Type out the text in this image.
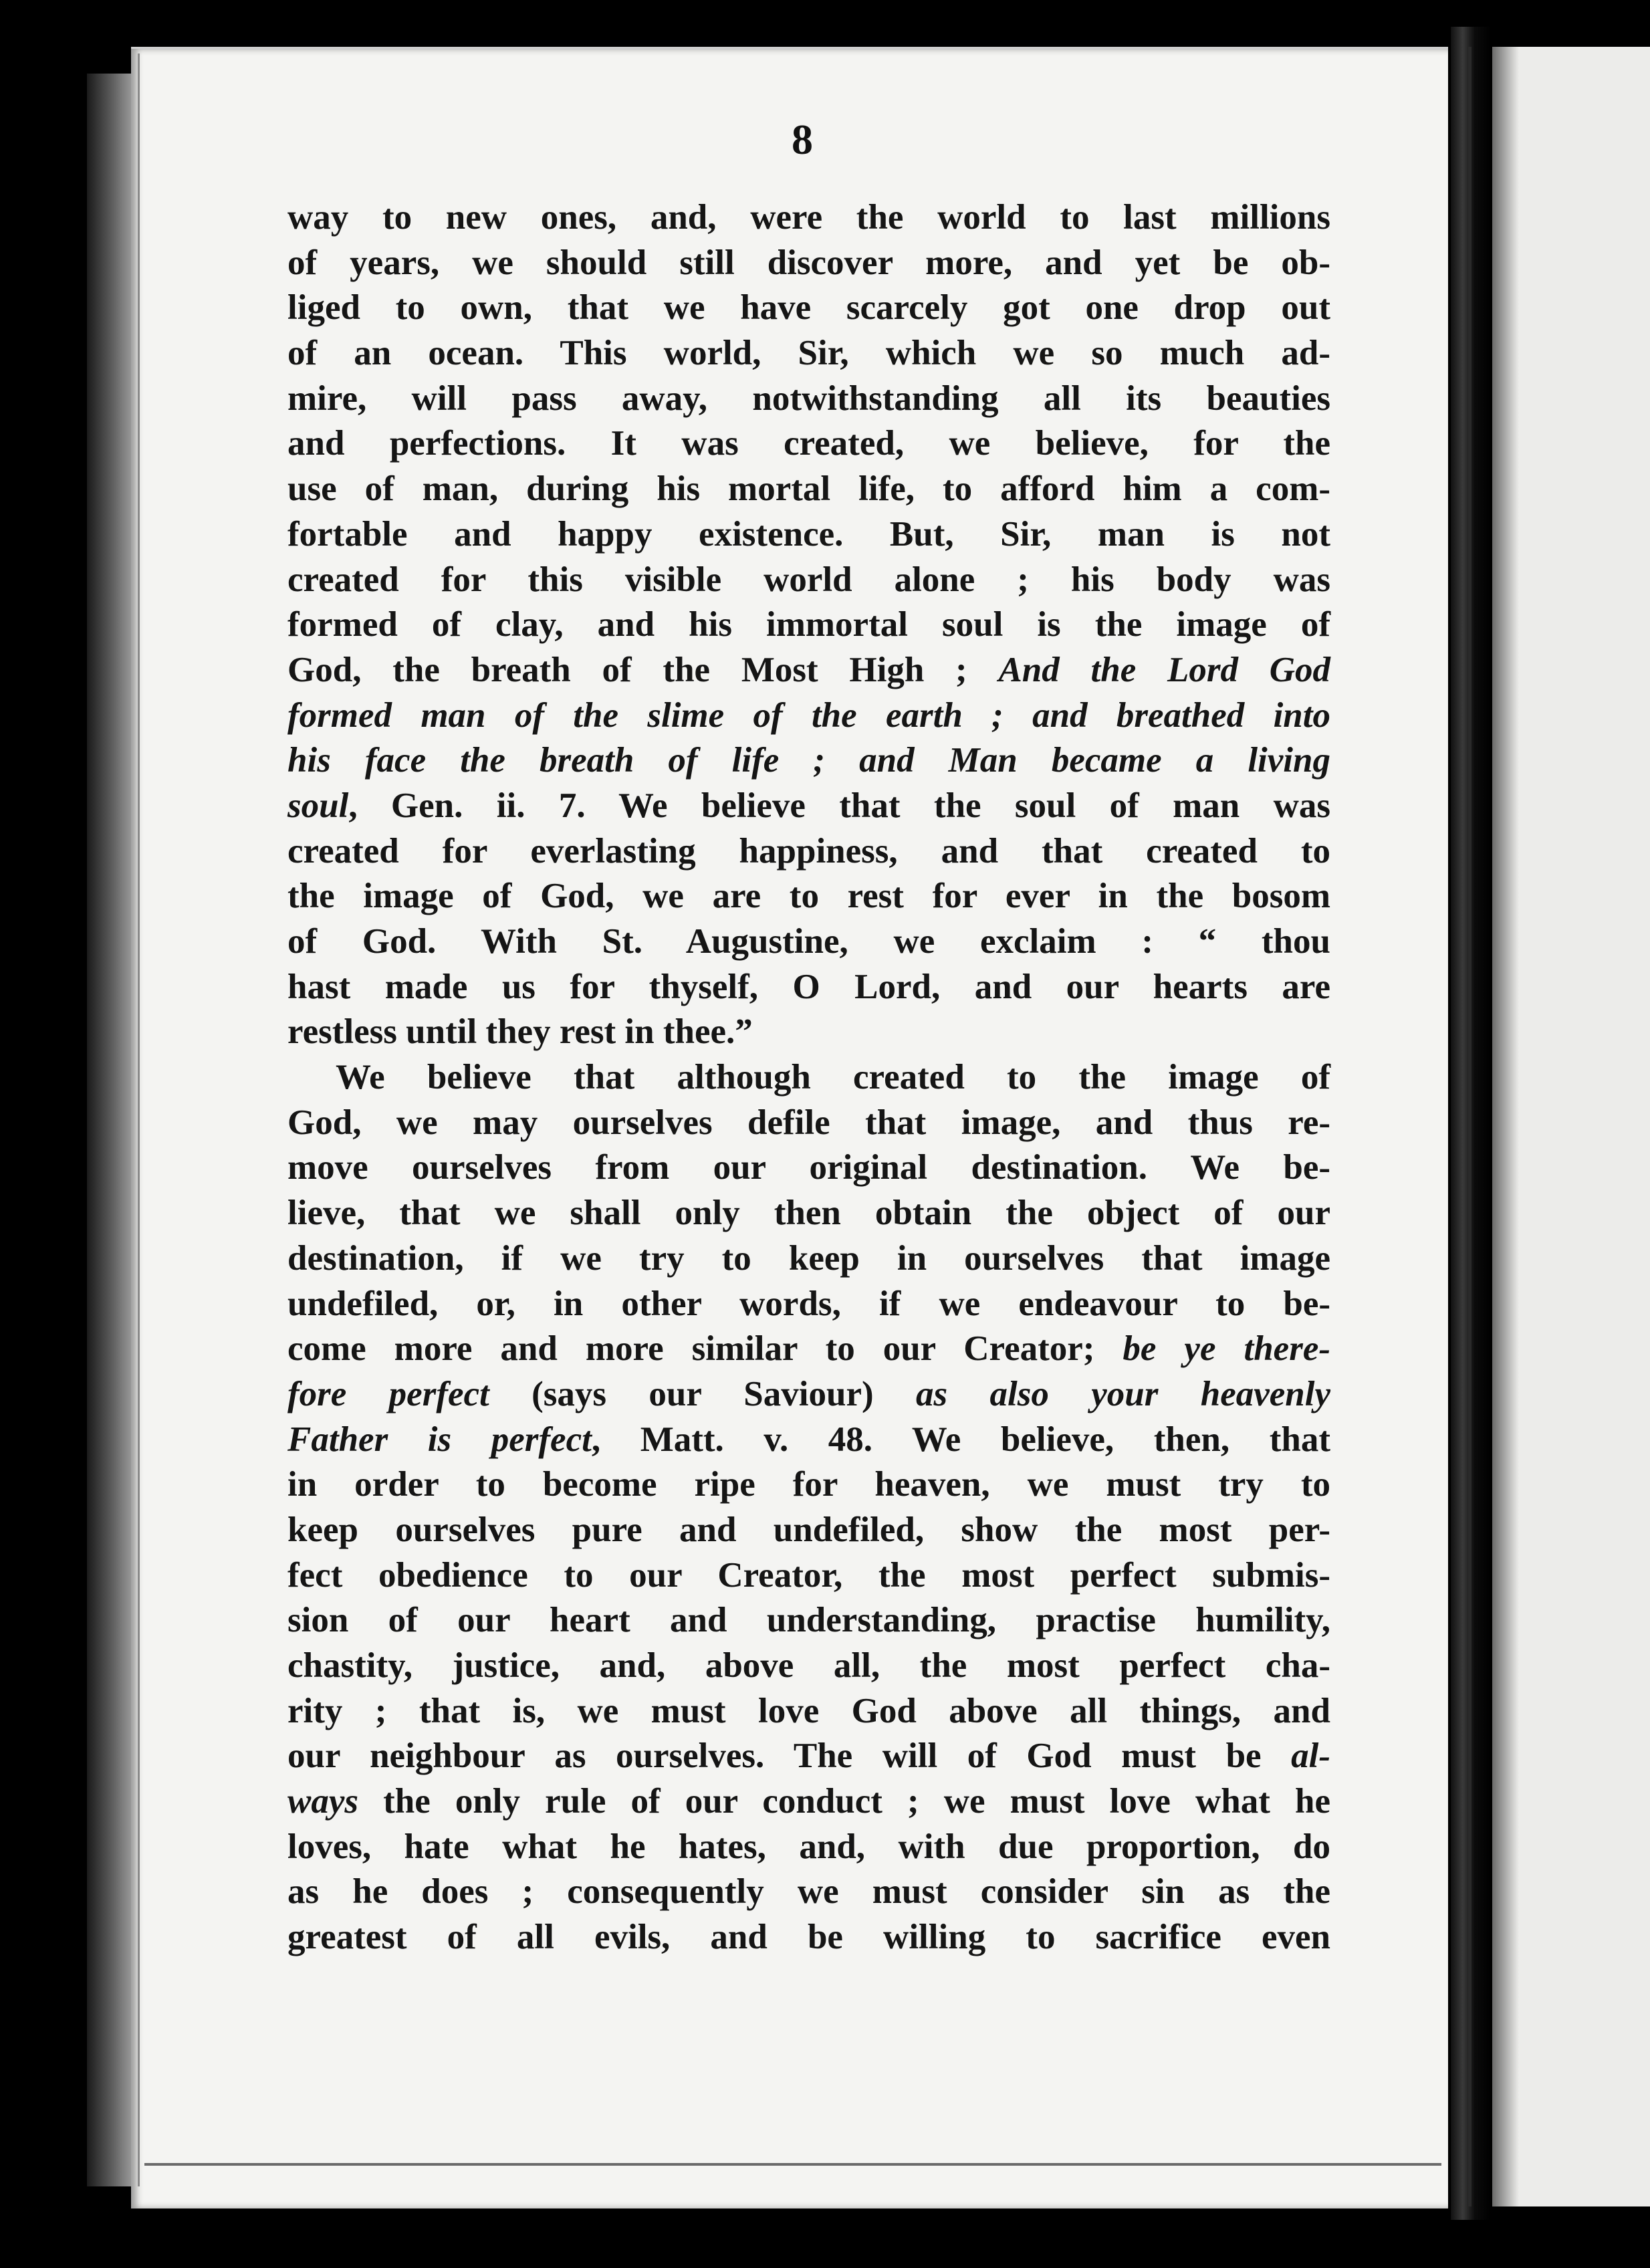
8
way to new ones, and, were the world to last millions
of years, we should still discover more, and yet be ob-
liged to own, that we have scarcely got one drop out
of an ocean. This world, Sir, which we so much ad-
mire, will pass away, notwithstanding all its beauties
and perfections. It was created, we believe, for the
use of man, during his mortal life, to afford him a com-
fortable and happy existence. But, Sir, man is not
created for this visible world alone ; his body was
formed of clay, and his immortal soul is the image of
God, the breath of the Most High ; And the Lord God
formed man of the slime of the earth ; and breathed into
his face the breath of life ; and Man became a living
soul, Gen. ii. 7. We believe that the soul of man was
created for everlasting happiness, and that created to
the image of God, we are to rest for ever in the bosom
of God. With St. Augustine, we exclaim : “ thou
hast made us for thyself, O Lord, and our hearts are
restless until they rest in thee.”
We believe that although created to the image of
God, we may ourselves defile that image, and thus re-
move ourselves from our original destination. We be-
lieve, that we shall only then obtain the object of our
destination, if we try to keep in ourselves that image
undefiled, or, in other words, if we endeavour to be-
come more and more similar to our Creator; be ye there-
fore perfect (says our Saviour) as also your heavenly
Father is perfect, Matt. v. 48. We believe, then, that
in order to become ripe for heaven, we must try to
keep ourselves pure and undefiled, show the most per-
fect obedience to our Creator, the most perfect submis-
sion of our heart and understanding, practise humility,
chastity, justice, and, above all, the most perfect cha-
rity ; that is, we must love God above all things, and
our neighbour as ourselves. The will of God must be al-
ways the only rule of our conduct ; we must love what he
loves, hate what he hates, and, with due proportion, do
as he does ; consequently we must consider sin as the
greatest of all evils, and be willing to sacrifice even
